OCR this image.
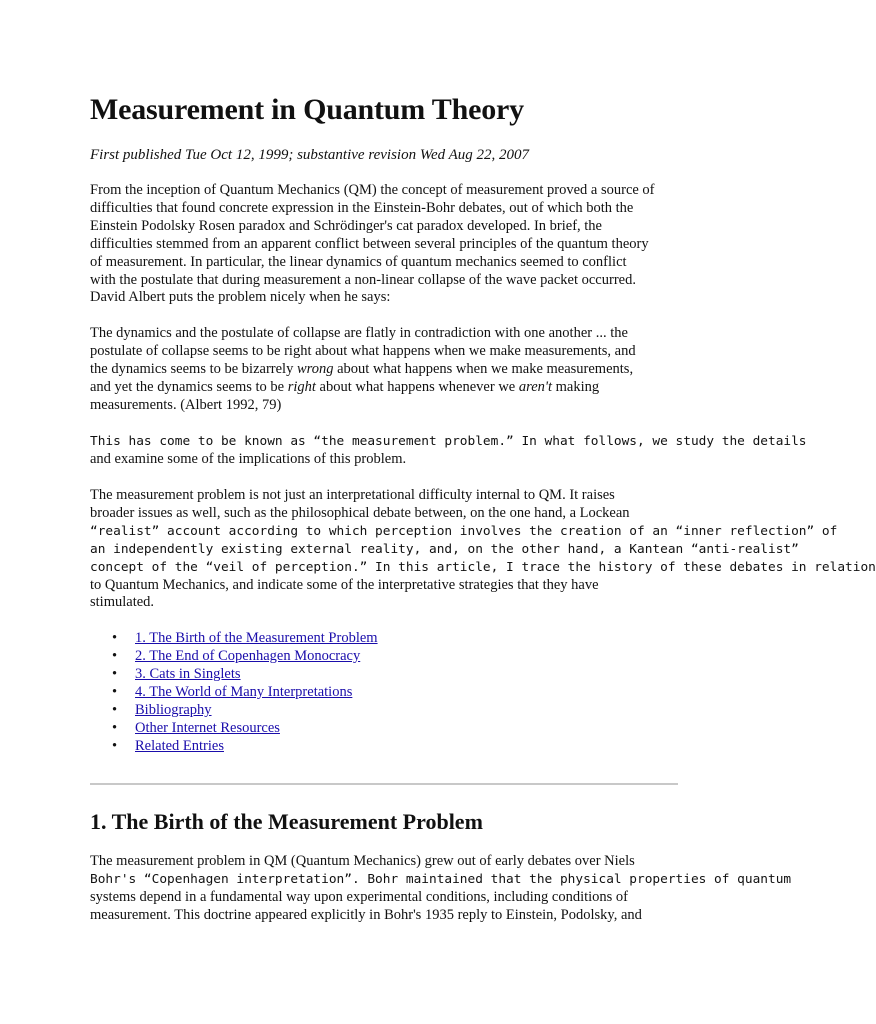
Measurement in Quantum Theory

First published Tue Oct 12, 1999; substantive revision Wed Aug 22, 2007

From the inception of Quantum Mechanics (QM) the concept of measurement proved a source of
difficulties that found concrete expression in the Einstein-Bohr debates, out of which both the
Einstein Podolsky Rosen paradox and Schrödinger's cat paradox developed. In brief, the
difficulties stemmed from an apparent conflict between several principles of the quantum theory
of measurement. In particular, the linear dynamics of quantum mechanics seemed to conflict
with the postulate that during measurement a non-linear collapse of the wave packet occurred.
David Albert puts the problem nicely when he says:

The dynamics and the postulate of collapse are flatly in contradiction with one another ... the
postulate of collapse seems to be right about what happens when we make measurements, and
the dynamics seems to be bizarrely wrong about what happens when we make measurements,
and yet the dynamics seems to be right about what happens whenever we aren't making
measurements. (Albert 1992, 79)

This has come to be known as “the measurement problem.” In what follows, we study the details
and examine some of the implications of this problem.

The measurement problem is not just an interpretational difficulty internal to QM. It raises
broader issues as well, such as the philosophical debate between, on the one hand, a Lockean
“realist” account according to which perception involves the creation of an “inner reflection” of
an independently existing external reality, and, on the other hand, a Kantean “anti-realist”
concept of the “veil of perception.” In this article, I trace the history of these debates in relation
to Quantum Mechanics, and indicate some of the interpretative strategies that they have
stimulated.

• 1. The Birth of the Measurement Problem
• 2. The End of Copenhagen Monocracy
• 3. Cats in Singlets
• 4. The World of Many Interpretations
• Bibliography
• Other Internet Resources
• Related Entries
1. The Birth of the Measurement Problem

The measurement problem in QM (Quantum Mechanics) grew out of early debates over Niels
Bohr's “Copenhagen interpretation”. Bohr maintained that the physical properties of quantum
systems depend in a fundamental way upon experimental conditions, including conditions of
measurement. This doctrine appeared explicitly in Bohr's 1935 reply to Einstein, Podolsky, and
